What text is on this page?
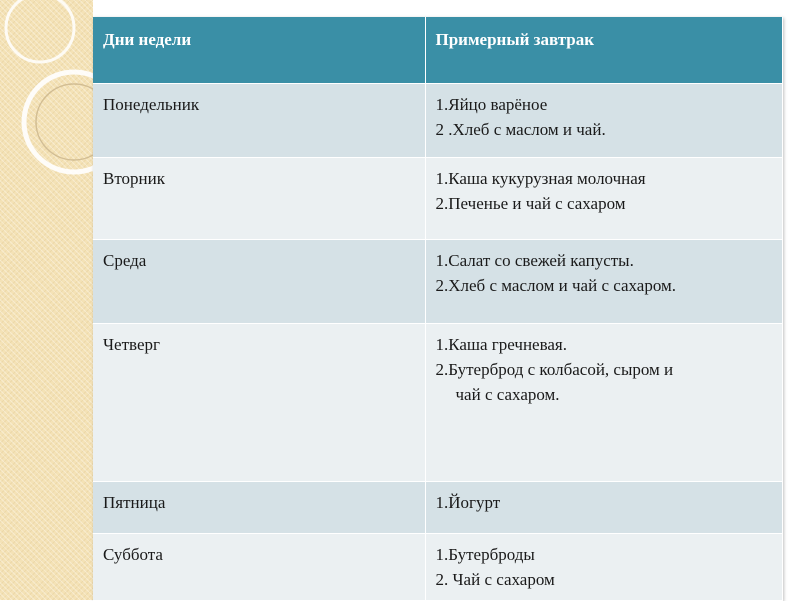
Дни недели	Примерный завтрак
Понедельник	1.Яйцо варёное
2 .Хлеб с маслом и чай.

Вторник	1.Каша кукурузная молочная
2.Печенье и чай с сахаром

Среда	1.Салат со свежей капусты.
2.Хлеб с маслом и чай с сахаром.

Четверг	1.Каша гречневая.
2.Бутерброд с колбасой, сыром и
чай с сахаром.

Пятница	1.Йогурт

Суббота	1.Бутерброды
2. Чай с сахаром
